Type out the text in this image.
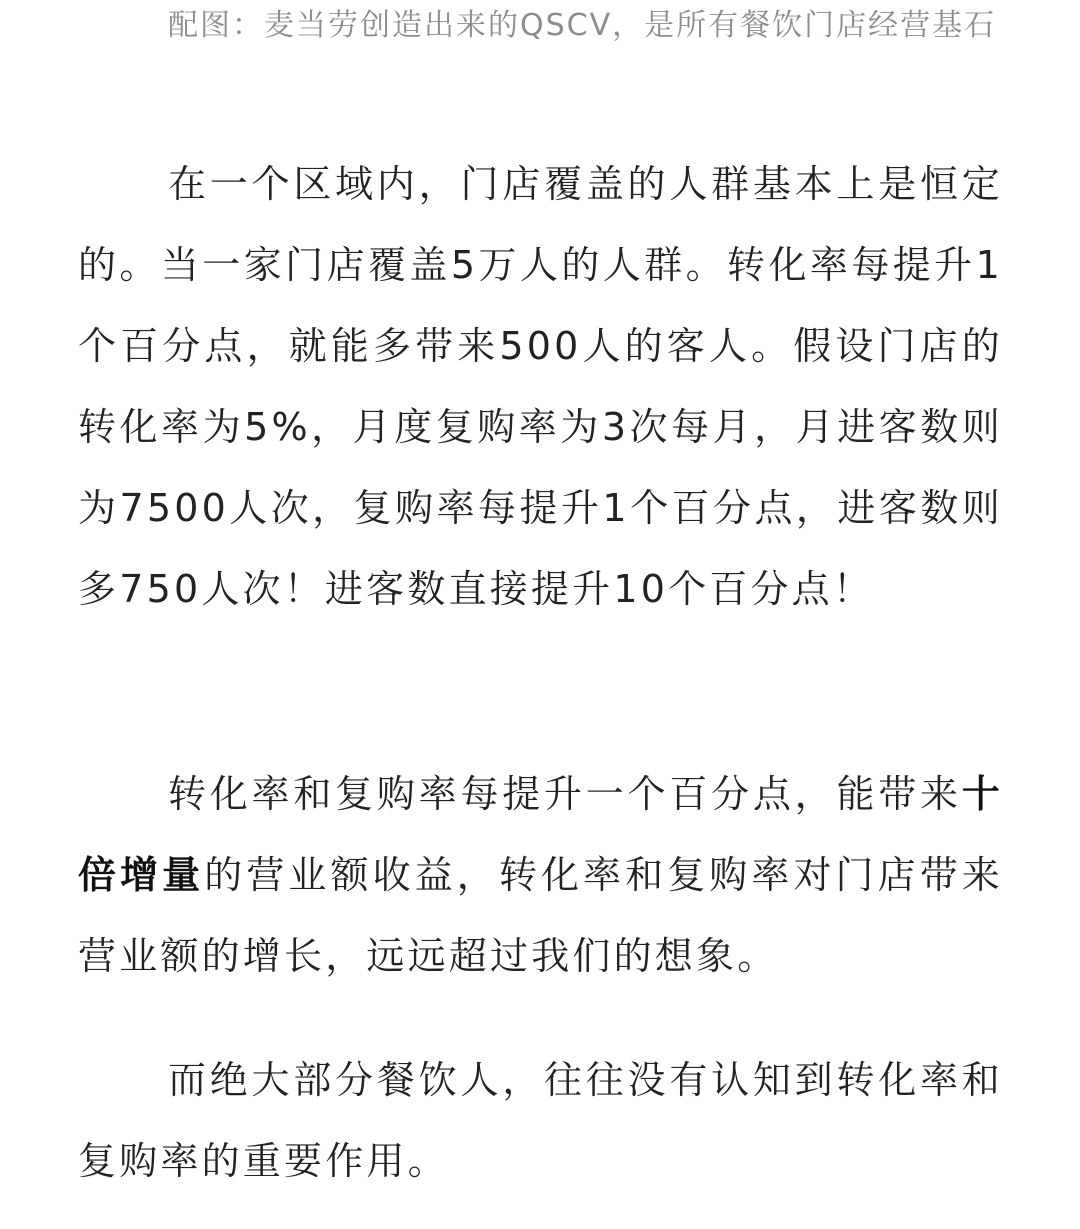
配图：麦当劳创造出来的QSCV，是所有餐饮门店经营基石

在一个区域内，门店覆盖的人群基本上是恒定的。当一家门店覆盖5万人的人群。转化率每提升1个百分点，就能多带来500人的客人。假设门店的转化率为5%，月度复购率为3次每月，月进客数则为7500人次，复购率每提升1个百分点，进客数则多750人次！进客数直接提升10个百分点！

转化率和复购率每提升一个百分点，能带来十倍增量的营业额收益，转化率和复购率对门店带来营业额的增长，远远超过我们的想象。

而绝大部分餐饮人，往往没有认知到转化率和复购率的重要作用。
